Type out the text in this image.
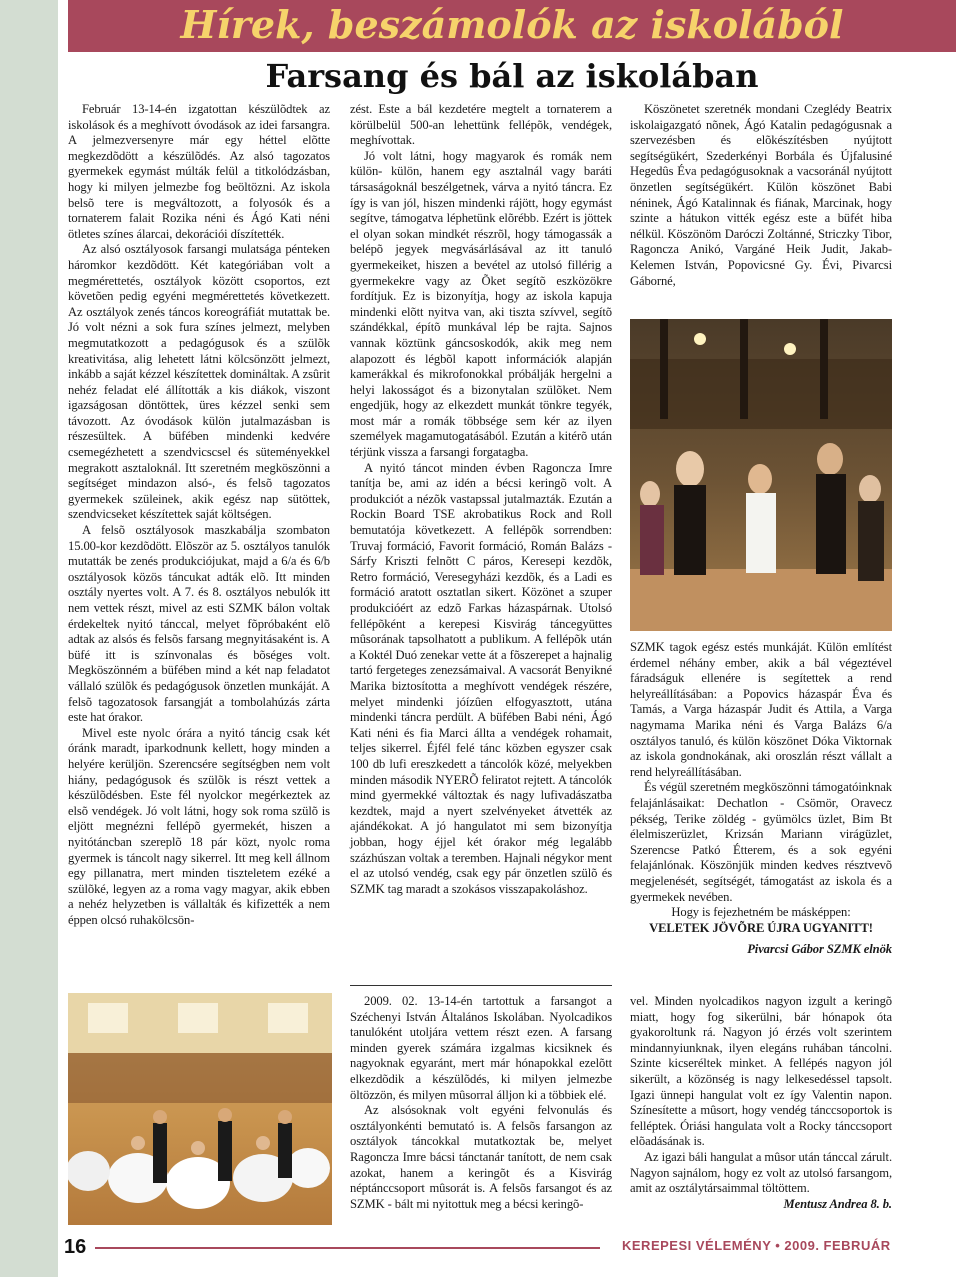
Hírek, beszámolók az iskolából
Farsang és bál az iskolában

Február 13-14-én izgatottan készülõdtek az iskolások és a meghívott óvodások az idei farsangra. A jelmezversenyre már egy héttel elõtte megkezdõdött a készülõdés. Az alsó tagozatos gyermekek egymást múlták felül a titkolódzásban, hogy ki milyen jelmezbe fog beöltözni. Az iskola belsõ tere is megváltozott, a folyosók és a tornaterem falait Rozika néni és Ágó Kati néni ötletes színes álarcai, dekorációi díszítették.

Az alsó osztályosok farsangi mulatsága pénteken háromkor kezdõdött. Két kategóriában volt a megmérettetés, osztályok között csoportos, ezt követõen pedig egyéni megmérettetés következett. Az osztályok zenés táncos koreográfiát mutattak be. Jó volt nézni a sok fura színes jelmezt, melyben megmutatkozott a pedagógusok és a szülõk kreativitása, alig lehetett látni kölcsönzött jelmezt, inkább a saját kézzel készítettek domináltak. A zsûrit nehéz feladat elé állították a kis diákok, viszont igazságosan döntöttek, üres kézzel senki sem távozott. Az óvodások külön jutalmazásban is részesültek. A büfében mindenki kedvére csemegézhetett a szendvicscsel és süteményekkel megrakott asztaloknál. Itt szeretném megköszönni a segítséget mindazon alsó-, és felsõ tagozatos gyermekek szüleinek, akik egész nap sütöttek, szendvicseket készítettek saját költségen.

A felsõ osztályosok maszkabálja szombaton 15.00-kor kezdõdött. Elõször az 5. osztályos tanulók mutatták be zenés produkciójukat, majd a 6/a és 6/b osztályosok közös táncukat adták elõ. Itt minden osztály nyertes volt. A 7. és 8. osztályos nebulók itt nem vettek részt, mivel az esti SZMK bálon voltak érdekeltek nyitó tánccal, melyet fõpróbaként elõ adtak az alsós és felsõs farsang megnyitásaként is. A büfé itt is színvonalas és bõséges volt. Megköszönném a büfében mind a két nap feladatot vállaló szülõk és pedagógusok önzetlen munkáját. A felsõ tagozatosok farsangját a tombolahúzás zárta este hat órakor.

Mivel este nyolc órára a nyitó táncig csak két óránk maradt, iparkodnunk kellett, hogy minden a helyére kerüljön. Szerencsére segítségben nem volt hiány, pedagógusok és szülõk is részt vettek a készülõdésben. Este fél nyolckor megérkeztek az elsõ vendégek. Jó volt látni, hogy sok roma szülõ is eljött megnézni fellépõ gyermekét, hiszen a nyitótáncban szereplõ 18 pár közt, nyolc roma gyermek is táncolt nagy sikerrel. Itt meg kell állnom egy pillanatra, mert minden tiszteletem ezéké a szülõké, legyen az a roma vagy magyar, akik ebben a nehéz helyzetben is vállalták és kifizették a nem éppen olcsó ruhakölcsön-

zést. Este a bál kezdetére megtelt a tornaterem a körülbelül 500-an lehettünk fellépõk, vendégek, meghívottak.

Jó volt látni, hogy magyarok és romák nem külön- külön, hanem egy asztalnál vagy baráti társaságoknál beszélgetnek, várva a nyitó táncra. Ez így is van jól, hiszen mindenki rájött, hogy egymást segítve, támogatva léphetünk elõrébb. Ezért is jöttek el olyan sokan mindkét részrõl, hogy támogassák a belépõ jegyek megvásárlásával az itt tanuló gyermekeiket, hiszen a bevétel az utolsó fillérig a gyermekekre vagy az Õket segítõ eszközökre fordítjuk. Ez is bizonyítja, hogy az iskola kapuja mindenki elõtt nyitva van, aki tiszta szívvel, segítõ szándékkal, építõ munkával lép be rajta. Sajnos vannak köztünk gáncsoskodók, akik meg nem alapozott és légbõl kapott információk alapján kamerákkal és mikrofonokkal próbálják hergelni a helyi lakosságot és a bizonytalan szülõket. Nem engedjük, hogy az elkezdett munkát tönkre tegyék, most már a romák többsége sem kér az ilyen személyek magamutogatásából. Ezután a kitérõ után térjünk vissza a farsangi forgatagba.

A nyitó táncot minden évben Ragoncza Imre tanítja be, ami az idén a bécsi keringõ volt. A produkciót a nézõk vastapssal jutalmazták. Ezután a Rockin Board TSE akrobatikus Rock and Roll bemutatója következett. A fellépõk sorrendben: Truvaj formáció, Favorit formáció, Román Balázs - Sárfy Kriszti felnõtt C páros, Keresepi kezdõk, Retro formáció, Veresegyházi kezdõk, és a Ladi es formáció aratott osztatlan sikert. Közönet a szuper produkcióért az edzõ Farkas házaspárnak. Utolsó fellépõként a kerepesi Kisvirág táncegyüttes mûsorának tapsolhatott a publikum. A fellépõk után a Koktél Duó zenekar vette át a fõszerepet a hajnalig tartó fergeteges zenezsámaival. A vacsorát Benyikné Marika biztosította a meghívott vendégek részére, melyet mindenki jóízûen elfogyasztott, utána mindenki táncra perdült. A büfében Babi néni, Ágó Kati néni és fia Marci állta a vendégek rohamait, teljes sikerrel. Éjfél felé tánc közben egyszer csak 100 db lufi ereszkedett a táncolók közé, melyekben minden második NYERÕ feliratot rejtett. A táncolók mind gyermekké változtak és nagy lufivadászatba kezdtek, majd a nyert szelvényeket átvették az ajándékokat. A jó hangulatot mi sem bizonyítja jobban, hogy éjjel két órakor még legalább százhúszan voltak a teremben. Hajnali négykor ment el az utolsó vendég, csak egy pár önzetlen szülõ és SZMK tag maradt a szokásos visszapakoláshoz.

Köszönetet szeretnék mondani Czeglédy Beatrix iskolaigazgató nõnek, Ágó Katalin pedagógusnak a szervezésben és elõkészítésben nyújtott segítségükért, Szederkényi Borbála és Újfalusiné Hegedûs Éva pedagógusoknak a vacsoránál nyújtott önzetlen segítségükért. Külön köszönet Babi néninek, Ágó Katalinnak és fiának, Marcinak, hogy szinte a hátukon vitték egész este a büfét hiba nélkül. Köszönöm Daróczi Zoltánné, Striczky Tibor, Ragoncza Anikó, Vargáné Heik Judit, Jakab-Kelemen István, Popovicsné Gy. Évi, Pivarcsi Gáborné,

SZMK tagok egész estés munkáját. Külön említést érdemel néhány ember, akik a bál végeztével fáradságuk ellenére is segítettek a rend helyreállításában: a Popovics házaspár Éva és Tamás, a Varga házaspár Judit és Attila, a Varga nagymama Marika néni és Varga Balázs 6/a osztályos tanuló, és külön köszönet Dóka Viktornak az iskola gondnokának, aki oroszlán részt vállalt a rend helyreállításában.

És végül szeretném megköszönni támogatóinknak felajánlásaikat: Dechatlon - Csömör, Oravecz pékség, Terike zöldég - gyümölcs üzlet, Bim Bt élelmiszerüzlet, Krizsán Mariann virágüzlet, Szerencse Patkó Étterem, és a sok egyéni felajánlónak. Köszönjük minden kedves résztvevõ megjelenését, segítségét, támogatást az iskola és a gyermekek nevében.

Hogy is fejezhetném be másképpen:

VELETEK JÖVÕRE ÚJRA UGYANITT!

Pivarcsi Gábor SZMK elnök

2009. 02. 13-14-én tartottuk a farsangot a Széchenyi István Általános Iskolában. Nyolcadikos tanulóként utoljára vettem részt ezen. A farsang minden gyerek számára izgalmas kicsiknek és nagyoknak egyaránt, mert már hónapokkal ezelõtt elkezdõdik a készülõdés, ki milyen jelmezbe öltözzön, és milyen mûsorral álljon ki a többiek elé.

Az alsósoknak volt egyéni felvonulás és osztályonkénti bemutató is. A felsõs farsangon az osztályok táncokkal mutatkoztak be, melyet Ragoncza Imre bácsi tánctanár tanított, de nem csak azokat, hanem a keringõt és a Kisvirág néptánccsoport mûsorát is. A felsõs farsangot és az SZMK - bált mi nyitottuk meg a bécsi keringõ-

vel. Minden nyolcadikos nagyon izgult a keringõ miatt, hogy fog sikerülni, bár hónapok óta gyakoroltunk rá. Nagyon jó érzés volt szerintem mindannyiunknak, ilyen elegáns ruhában táncolni. Szinte kicseréltek minket. A fellépés nagyon jól sikerült, a közönség is nagy lelkesedéssel tapsolt. Igazi ünnepi hangulat volt ez így Valentin napon. Színesítette a mûsort, hogy vendég tánccsoportok is felléptek. Óriási hangulata volt a Rocky tánccsoport elõadásának is.

Az igazi báli hangulat a mûsor után tánccal zárult. Nagyon sajnálom, hogy ez volt az utolsó farsangom, amit az osztálytársaimmal töltöttem.

Mentusz Andrea 8. b.

16	KEREPESI VÉLEMÉNY • 2009. FEBRUÁR
